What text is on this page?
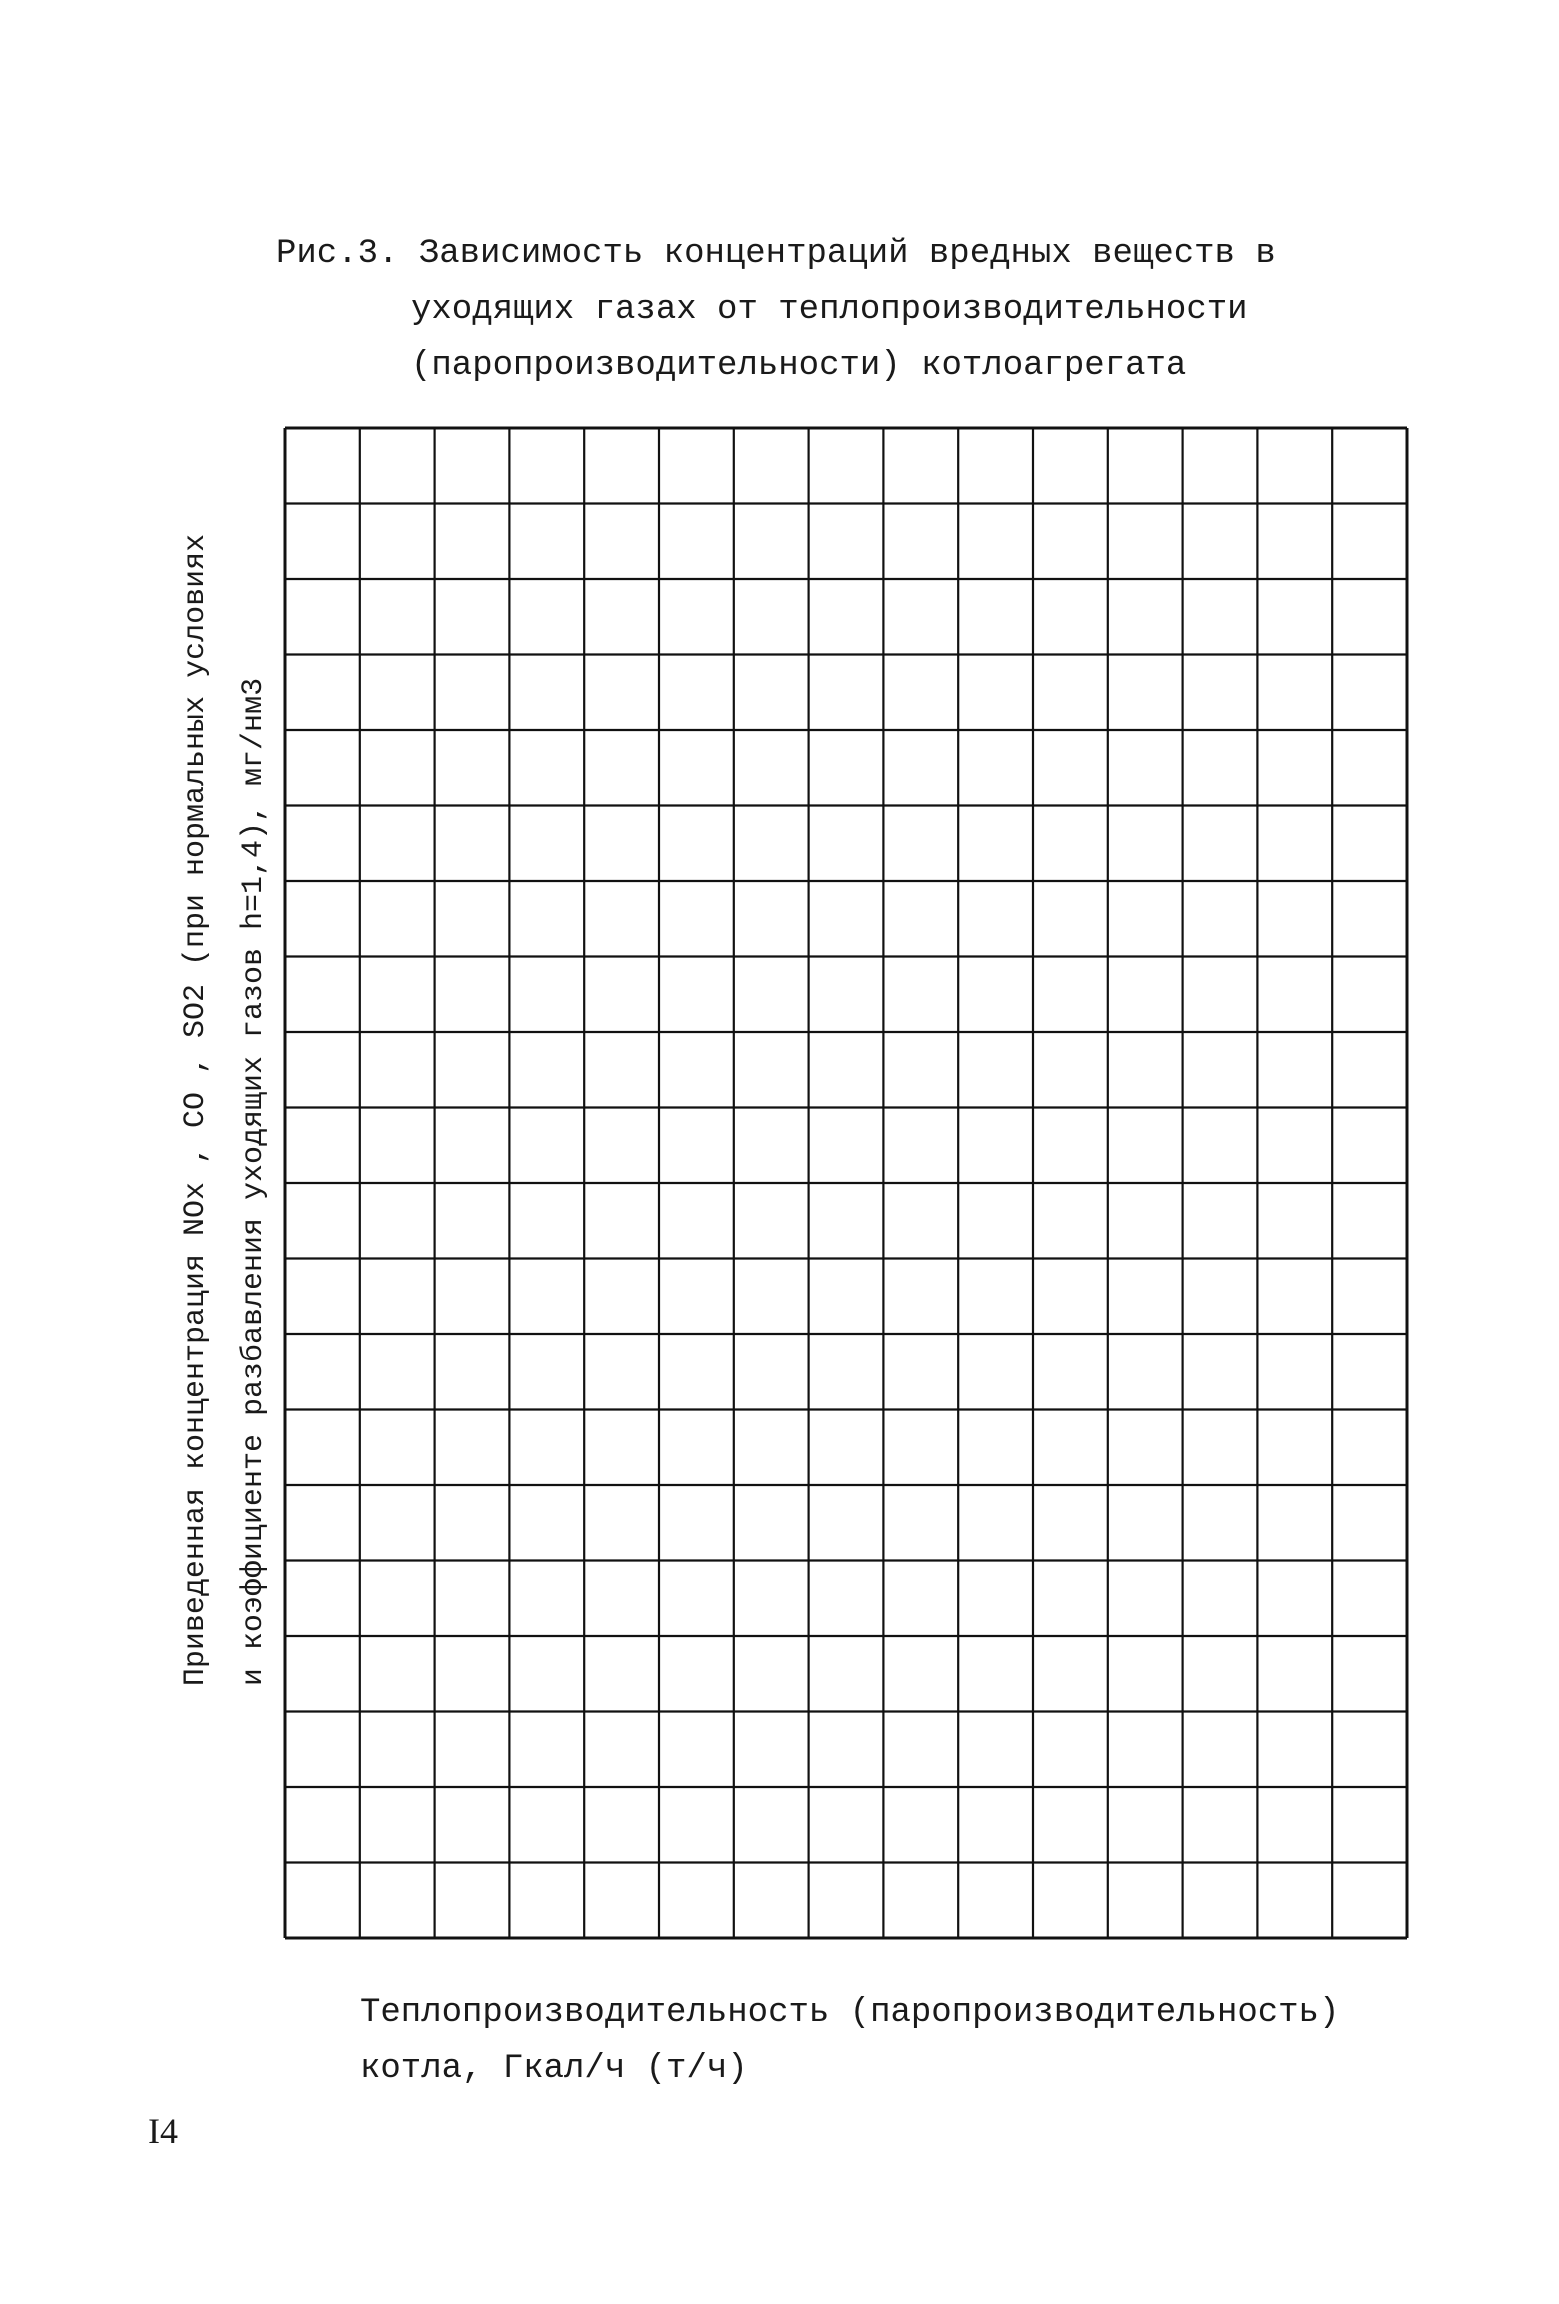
Рис.3. Зависимость концентраций вредных веществ в
уходящих газах от теплопроизводительности
(паропроизводительности) котлоагрегата
Приведенная концентрация NOx , CO , SO2 (при нормальных условиях и коэффициенте разбавления уходящих газов h=1,4), мг/нм3
Теплопроизводительность (паропроизводительность)
котла, Гкал/ч (т/ч)
I4
